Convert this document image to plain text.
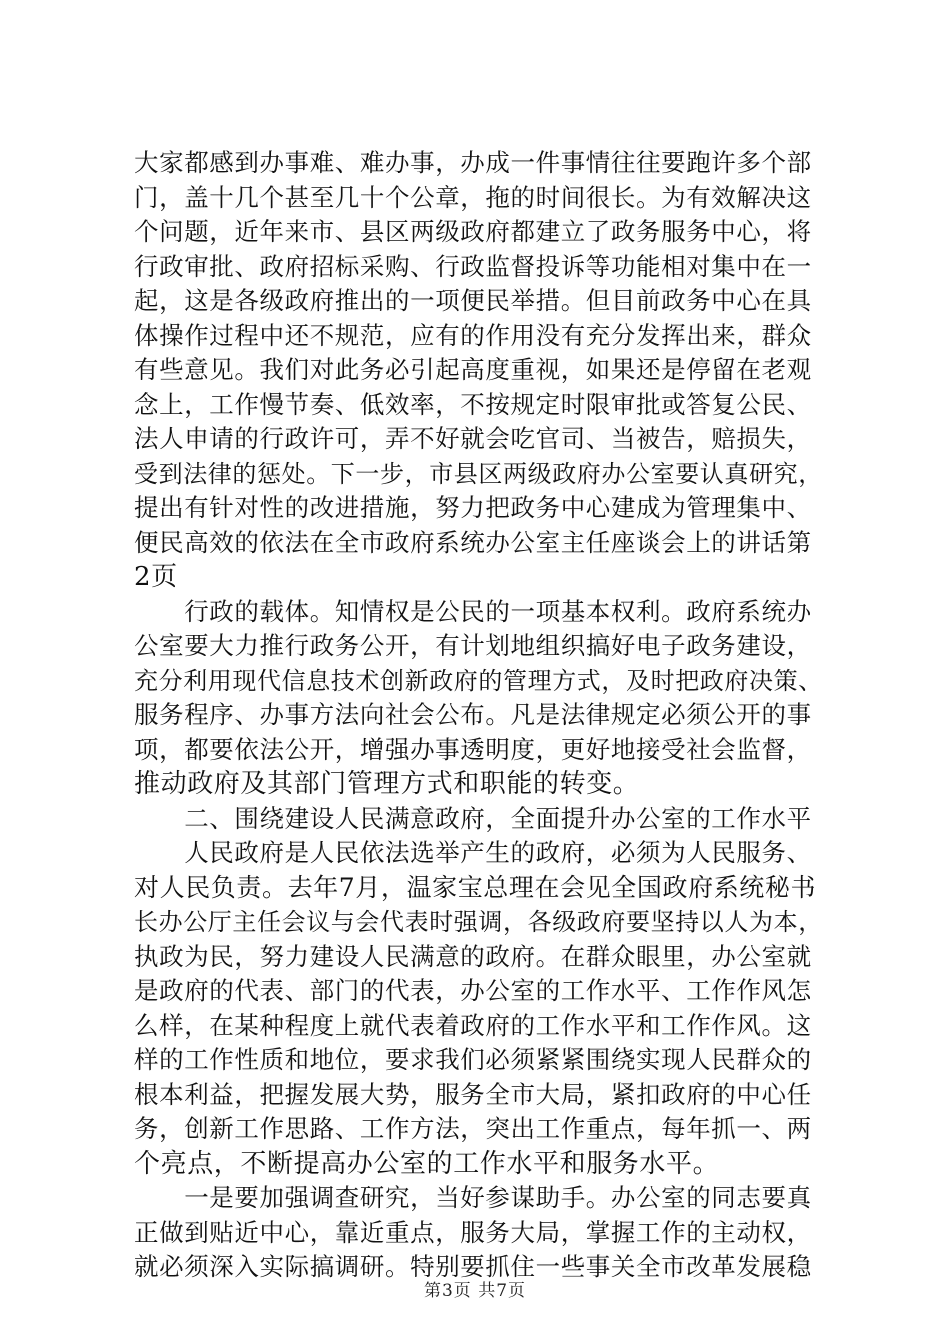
大家都感到办事难、难办事，办成一件事情往往要跑许多个部
门，盖十几个甚至几十个公章，拖的时间很长。为有效解决这
个问题，近年来市、县区两级政府都建立了政务服务中心，将
行政审批、政府招标采购、行政监督投诉等功能相对集中在一
起，这是各级政府推出的一项便民举措。但目前政务中心在具
体操作过程中还不规范，应有的作用没有充分发挥出来，群众
有些意见。我们对此务必引起高度重视，如果还是停留在老观
念上，工作慢节奏、低效率，不按规定时限审批或答复公民、
法人申请的行政许可，弄不好就会吃官司、当被告，赔损失，
受到法律的惩处。下一步，市县区两级政府办公室要认真研究，
提出有针对性的改进措施，努力把政务中心建成为管理集中、
便民高效的依法在全市政府系统办公室主任座谈会上的讲话第
2页
　　行政的载体。知情权是公民的一项基本权利。政府系统办
公室要大力推行政务公开，有计划地组织搞好电子政务建设，
充分利用现代信息技术创新政府的管理方式，及时把政府决策、
服务程序、办事方法向社会公布。凡是法律规定必须公开的事
项，都要依法公开，增强办事透明度，更好地接受社会监督，
推动政府及其部门管理方式和职能的转变。
　　二、围绕建设人民满意政府，全面提升办公室的工作水平
　　人民政府是人民依法选举产生的政府，必须为人民服务、
对人民负责。去年7月，温家宝总理在会见全国政府系统秘书
长办公厅主任会议与会代表时强调，各级政府要坚持以人为本，
执政为民，努力建设人民满意的政府。在群众眼里，办公室就
是政府的代表、部门的代表，办公室的工作水平、工作作风怎
么样，在某种程度上就代表着政府的工作水平和工作作风。这
样的工作性质和地位，要求我们必须紧紧围绕实现人民群众的
根本利益，把握发展大势，服务全市大局，紧扣政府的中心任
务，创新工作思路、工作方法，突出工作重点，每年抓一、两
个亮点，不断提高办公室的工作水平和服务水平。
　　一是要加强调查研究，当好参谋助手。办公室的同志要真
正做到贴近中心，靠近重点，服务大局，掌握工作的主动权，
就必须深入实际搞调研。特别要抓住一些事关全市改革发展稳
第3页 共7页
